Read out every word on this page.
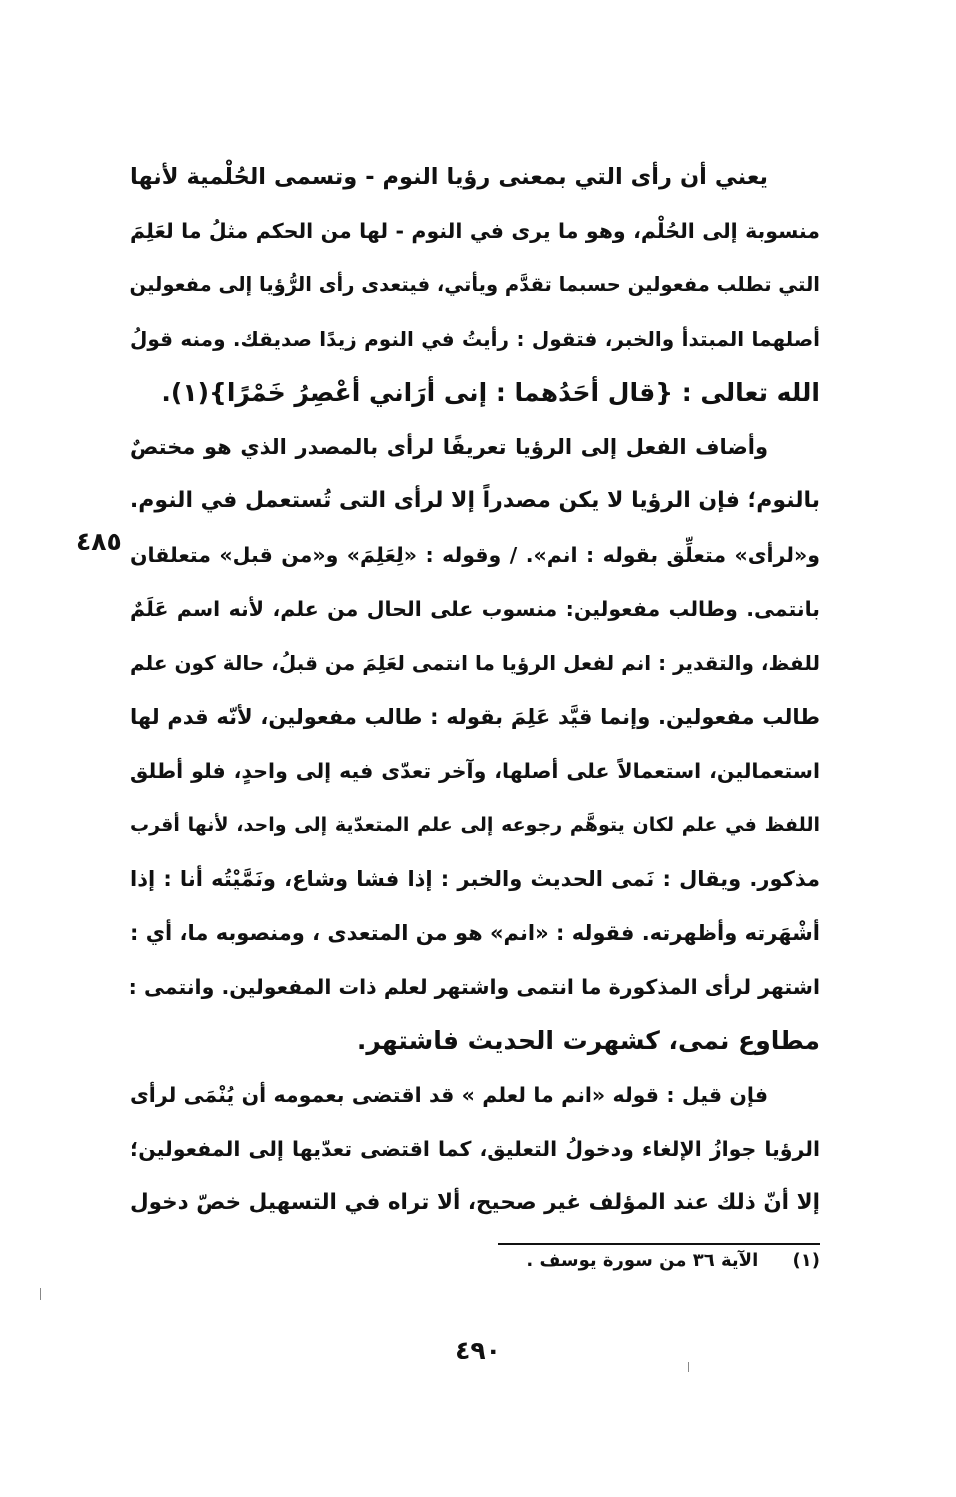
يعني أن رأى التي بمعنى رؤيا النوم - وتسمى الحُلْمية لأنها
منسوبة إلى الحُلْم، وهو ما يرى في النوم - لها من الحكم مثلُ ما لعَلِمَ
التي تطلب مفعولين حسبما تقدَّم ويأتي، فيتعدى رأى الرُّؤيا إلى مفعولين
أصلهما المبتدأ والخبر، فتقول : رأيتُ في النوم زيدًا صديقك. ومنه قولُ
الله تعالى : {قال أحَدُهما : إنى أرَاني أعْصِرُ خَمْرًا}(١).
وأضاف الفعل إلى الرؤيا تعريفًا لرأى بالمصدر الذي هو مختصٌ
بالنوم؛ فإن الرؤيا لا يكن مصدراً إلا لرأى التى تُستعمل في النوم.
و«لرأى» متعلِّق بقوله : انم». / وقوله : «لِعَلِمَ» و«من قبل» متعلقان
بانتمى. وطالب مفعولين: منسوب على الحال من علم، لأنه اسم عَلَمٌ
للفظ، والتقدير : انم لفعل الرؤيا ما انتمى لعَلِمَ من قبلُ، حالة كون علم
طالب مفعولين. وإنما قيَّد عَلِمَ بقوله : طالب مفعولين، لأنّه قدم لها
استعمالين، استعمالاً على أصلها، وآخر تعدّى فيه إلى واحدٍ، فلو أطلق
اللفظ في علم لكان يتوهَّم رجوعه إلى علم المتعدّية إلى واحد، لأنها أقرب
مذكور. ويقال : نَمى الحديث والخبر : إذا فشا وشاع، ونَمَّيْتُه أنا : إذا
أشْهَرته وأظهرته. فقوله : «انم» هو من المتعدى ، ومنصوبه ما، أي :
اشتهر لرأى المذكورة ما انتمى واشتهر لعلم ذات المفعولين. وانتمى :
مطاوع نمى، كشهرت الحديث فاشتهر.
فإن قيل : قوله «انم ما لعلم » قد اقتضى بعمومه أن يُنْمَى لرأى
الرؤيا جوازُ الإلغاء ودخولُ التعليق، كما اقتضى تعدّيها إلى المفعولين؛
إلا أنّ ذلك عند المؤلف غير صحيح، ألا تراه في التسهيل خصّ دخول
٤٨٥
(١) الآية ٣٦ من سورة يوسف .
٤٩٠
